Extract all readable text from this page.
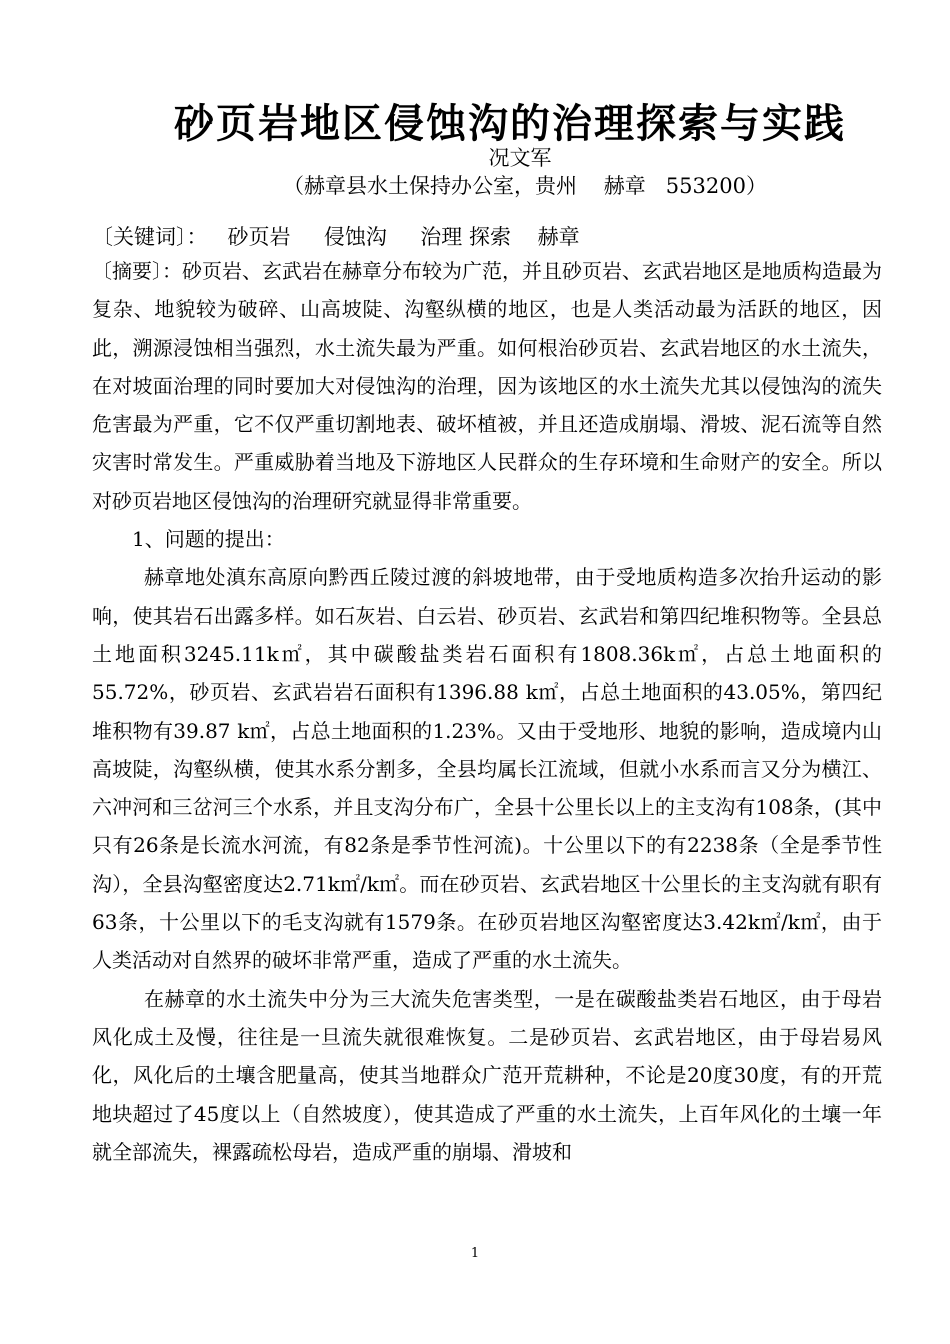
砂页岩地区侵蚀沟的治理探索与实践
况文军
（赫章县水土保持办公室，贵州    赫章   553200）
〔关键词〕：   砂页岩     侵蚀沟     治理 探索    赫章

〔摘要〕：砂页岩、玄武岩在赫章分布较为广范，并且砂页岩、玄武岩地区是地质构造最为复杂、地貌较为破碎、山高坡陡、沟壑纵横的地区，也是人类活动最为活跃的地区，因此，溯源浸蚀相当强烈，水土流失最为严重。如何根治砂页岩、玄武岩地区的水土流失，在对坡面治理的同时要加大对侵蚀沟的治理，因为该地区的水土流失尤其以侵蚀沟的流失危害最为严重，它不仅严重切割地表、破坏植被，并且还造成崩塌、滑坡、泥石流等自然灾害时常发生。严重威胁着当地及下游地区人民群众的生存环境和生命财产的安全。所以对砂页岩地区侵蚀沟的治理研究就显得非常重要。

1、问题的提出：

赫章地处滇东高原向黔西丘陵过渡的斜坡地带，由于受地质构造多次抬升运动的影响，使其岩石出露多样。如石灰岩、白云岩、砂页岩、玄武岩和第四纪堆积物等。全县总土地面积3245.11k㎡，其中碳酸盐类岩石面积有1808.36k㎡，占总土地面积的55.72%，砂页岩、玄武岩岩石面积有1396.88 k㎡，占总土地面积的43.05%，第四纪堆积物有39.87 k㎡，占总土地面积的1.23%。又由于受地形、地貌的影响，造成境内山高坡陡，沟壑纵横，使其水系分割多，全县均属长江流域，但就小水系而言又分为横江、六冲河和三岔河三个水系，并且支沟分布广，全县十公里长以上的主支沟有108条，(其中只有26条是长流水河流，有82条是季节性河流)。十公里以下的有2238条（全是季节性沟），全县沟壑密度达2.71k㎡/k㎡。而在砂页岩、玄武岩地区十公里长的主支沟就有职有63条，十公里以下的毛支沟就有1579条。在砂页岩地区沟壑密度达3.42k㎡/k㎡，由于人类活动对自然界的破坏非常严重，造成了严重的水土流失。

在赫章的水土流失中分为三大流失危害类型，一是在碳酸盐类岩石地区，由于母岩风化成土及慢，往往是一旦流失就很难恢复。二是砂页岩、玄武岩地区，由于母岩易风化，风化后的土壤含肥量高，使其当地群众广范开荒耕种，不论是20度30度，有的开荒地块超过了45度以上（自然坡度），使其造成了严重的水土流失，上百年风化的土壤一年就全部流失，裸露疏松母岩，造成严重的崩塌、滑坡和

1
